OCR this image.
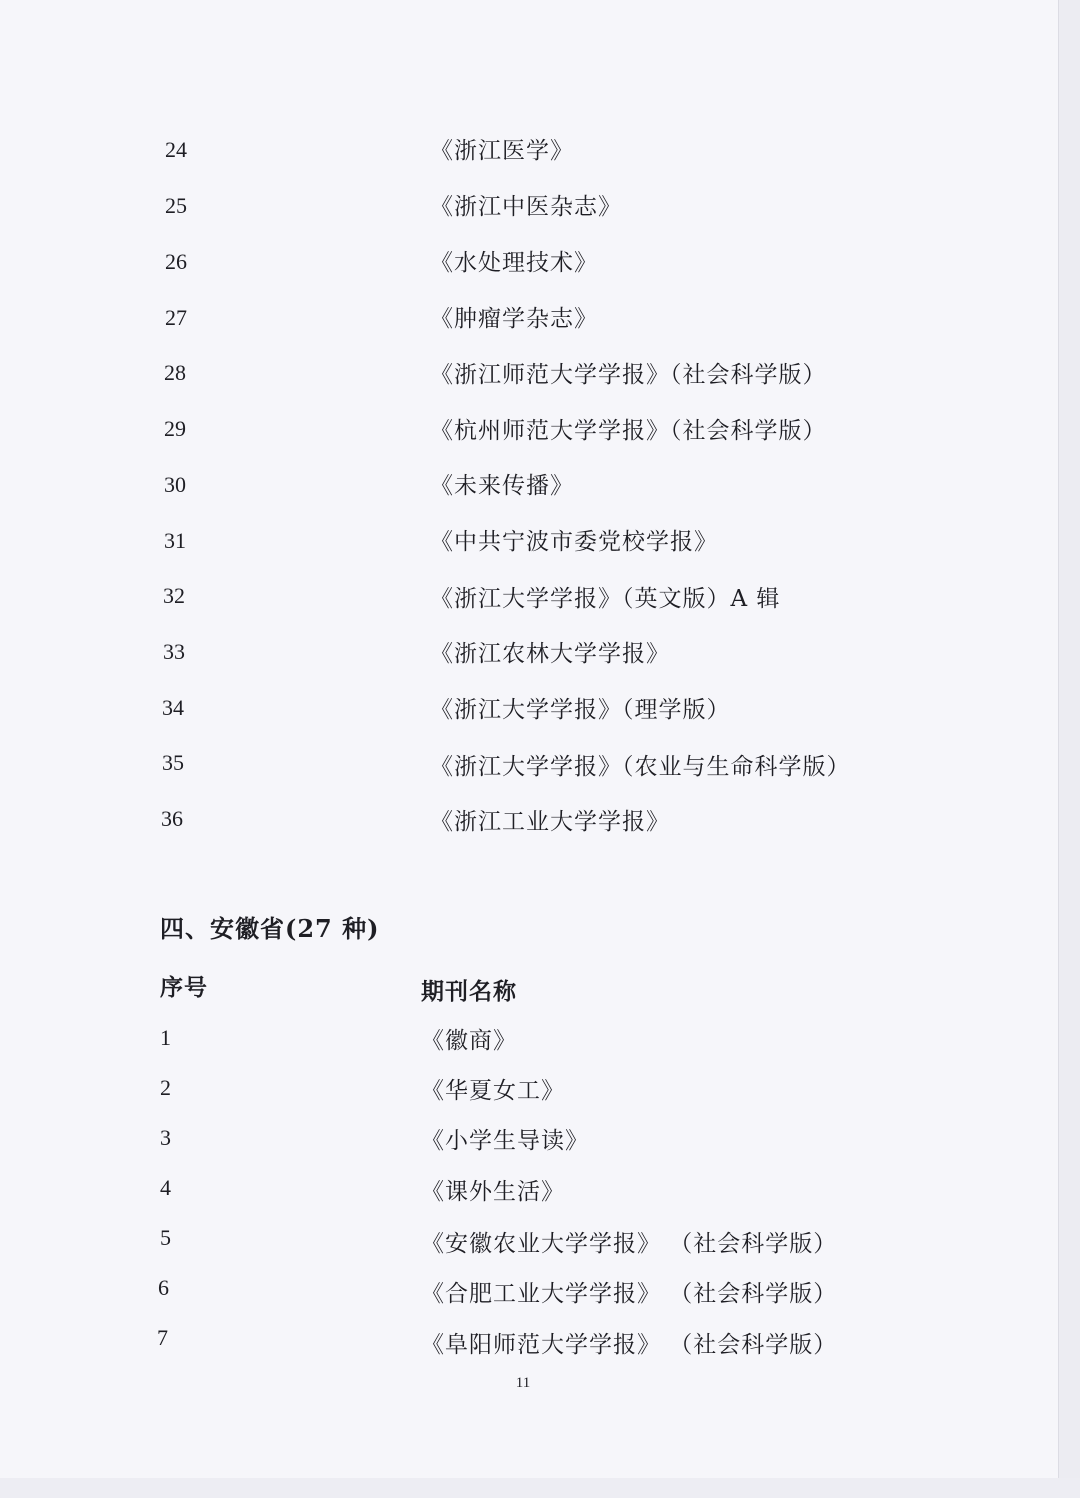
24	《浙江医学》
25	《浙江中医杂志》
26	《水处理技术》
27	《肿瘤学杂志》
28	《浙江师范大学学报》（社会科学版）
29	《杭州师范大学学报》（社会科学版）
30	《未来传播》
31	《中共宁波市委党校学报》
32	《浙江大学学报》（英文版）A 辑
33	《浙江农林大学学报》
34	《浙江大学学报》（理学版）
35	《浙江大学学报》（农业与生命科学版）
36	《浙江工业大学学报》
四、安徽省(27 种)
序号	期刊名称
1	《徽商》
2	《华夏女工》
3	《小学生导读》
4	《课外生活》
5	《安徽农业大学学报》 （社会科学版）
6	《合肥工业大学学报》 （社会科学版）
7	《阜阳师范大学学报》 （社会科学版）
11
